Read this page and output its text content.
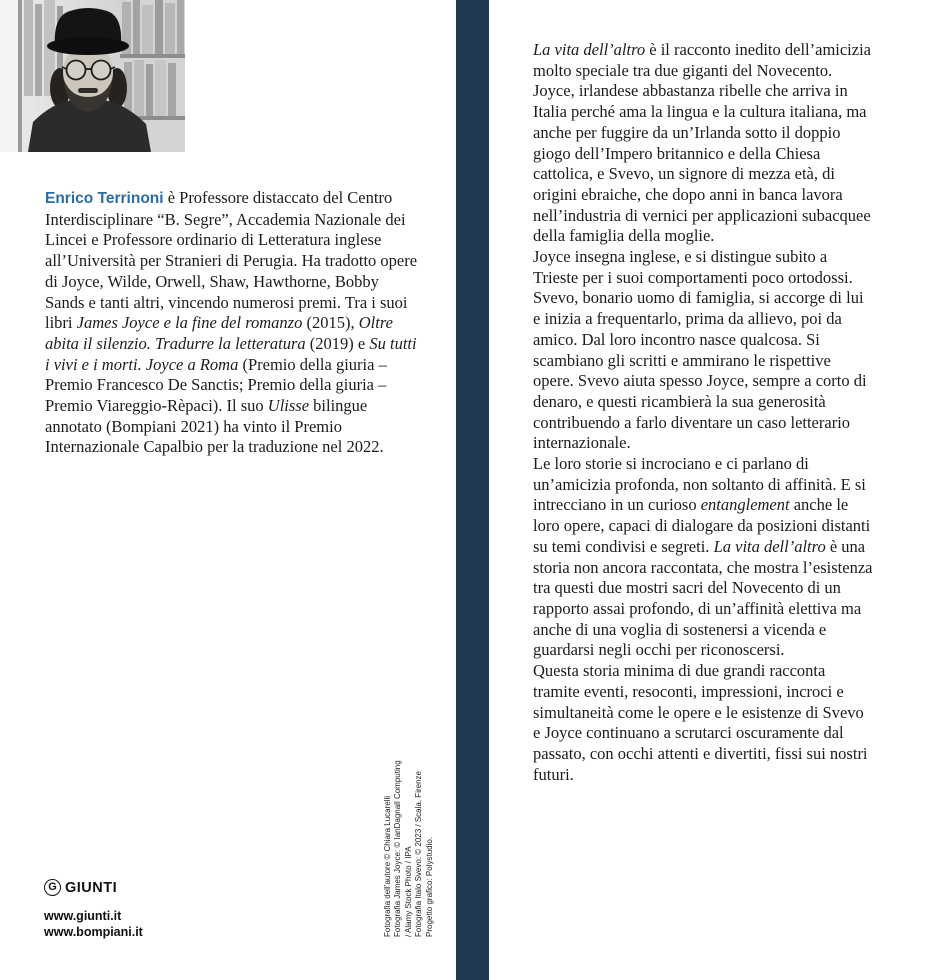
Enrico Terrinoni è Professore distaccato del Centro Interdisciplinare “B. Segre”, Accademia Nazionale dei Lincei e Professore ordinario di Letteratura inglese all’Università per Stranieri di Perugia. Ha tradotto opere di Joyce, Wilde, Orwell, Shaw, Hawthorne, Bobby Sands e tanti altri, vincendo numerosi premi. Tra i suoi libri James Joyce e la fine del romanzo (2015), Oltre abita il silenzio. Tradurre la letteratura (2019) e Su tutti i vivi e i morti. Joyce a Roma (Premio della giuria – Premio Francesco De Sanctis; Premio della giuria – Premio Viareggio-Rèpaci). Il suo Ulisse bilingue annotato (Bompiani 2021) ha vinto il Premio Internazionale Capalbio per la traduzione nel 2022.

G GIUNTI
www.giunti.it
www.bompiani.it	Fotografia dell’autore © Chiara Lucarelli Fotografia James Joyce: © IanDagnall Computing / Alamy Stock Photo / IPA Fotografia Italo Svevo: © 2023 / Scala, Firenze Progetto grafico: Polystudio.

La vita dell’altro è il racconto inedito dell’amicizia molto speciale tra due giganti del Novecento. Joyce, irlandese abbastanza ribelle che arriva in Italia perché ama la lingua e la cultura italiana, ma anche per fuggire da un’Irlanda sotto il doppio giogo dell’Impero britannico e della Chiesa cattolica, e Svevo, un signore di mezza età, di origini ebraiche, che dopo anni in banca lavora nell’industria di vernici per applicazioni subacquee della famiglia della moglie.

Joyce insegna inglese, e si distingue subito a Trieste per i suoi comportamenti poco ortodossi. Svevo, bonario uomo di famiglia, si accorge di lui e inizia a frequentarlo, prima da allievo, poi da amico. Dal loro incontro nasce qualcosa. Si scambiano gli scritti e ammirano le rispettive opere. Svevo aiuta spesso Joyce, sempre a corto di denaro, e questi ricambierà la sua generosità contribuendo a farlo diventare un caso letterario internazionale.

Le loro storie si incrociano e ci parlano di un’amicizia profonda, non soltanto di affinità. E si intrecciano in un curioso entanglement anche le loro opere, capaci di dialogare da posizioni distanti su temi condivisi e segreti. La vita dell’altro è una storia non ancora raccontata, che mostra l’esistenza tra questi due mostri sacri del Novecento di un rapporto assai profondo, di un’affinità elettiva ma anche di una voglia di sostenersi a vicenda e guardarsi negli occhi per riconoscersi.

Questa storia minima di due grandi racconta tramite eventi, resoconti, impressioni, incroci e simultaneità come le opere e le esistenze di Svevo e Joyce continuano a scrutarci oscuramente dal passato, con occhi attenti e divertiti, fissi sui nostri futuri.
